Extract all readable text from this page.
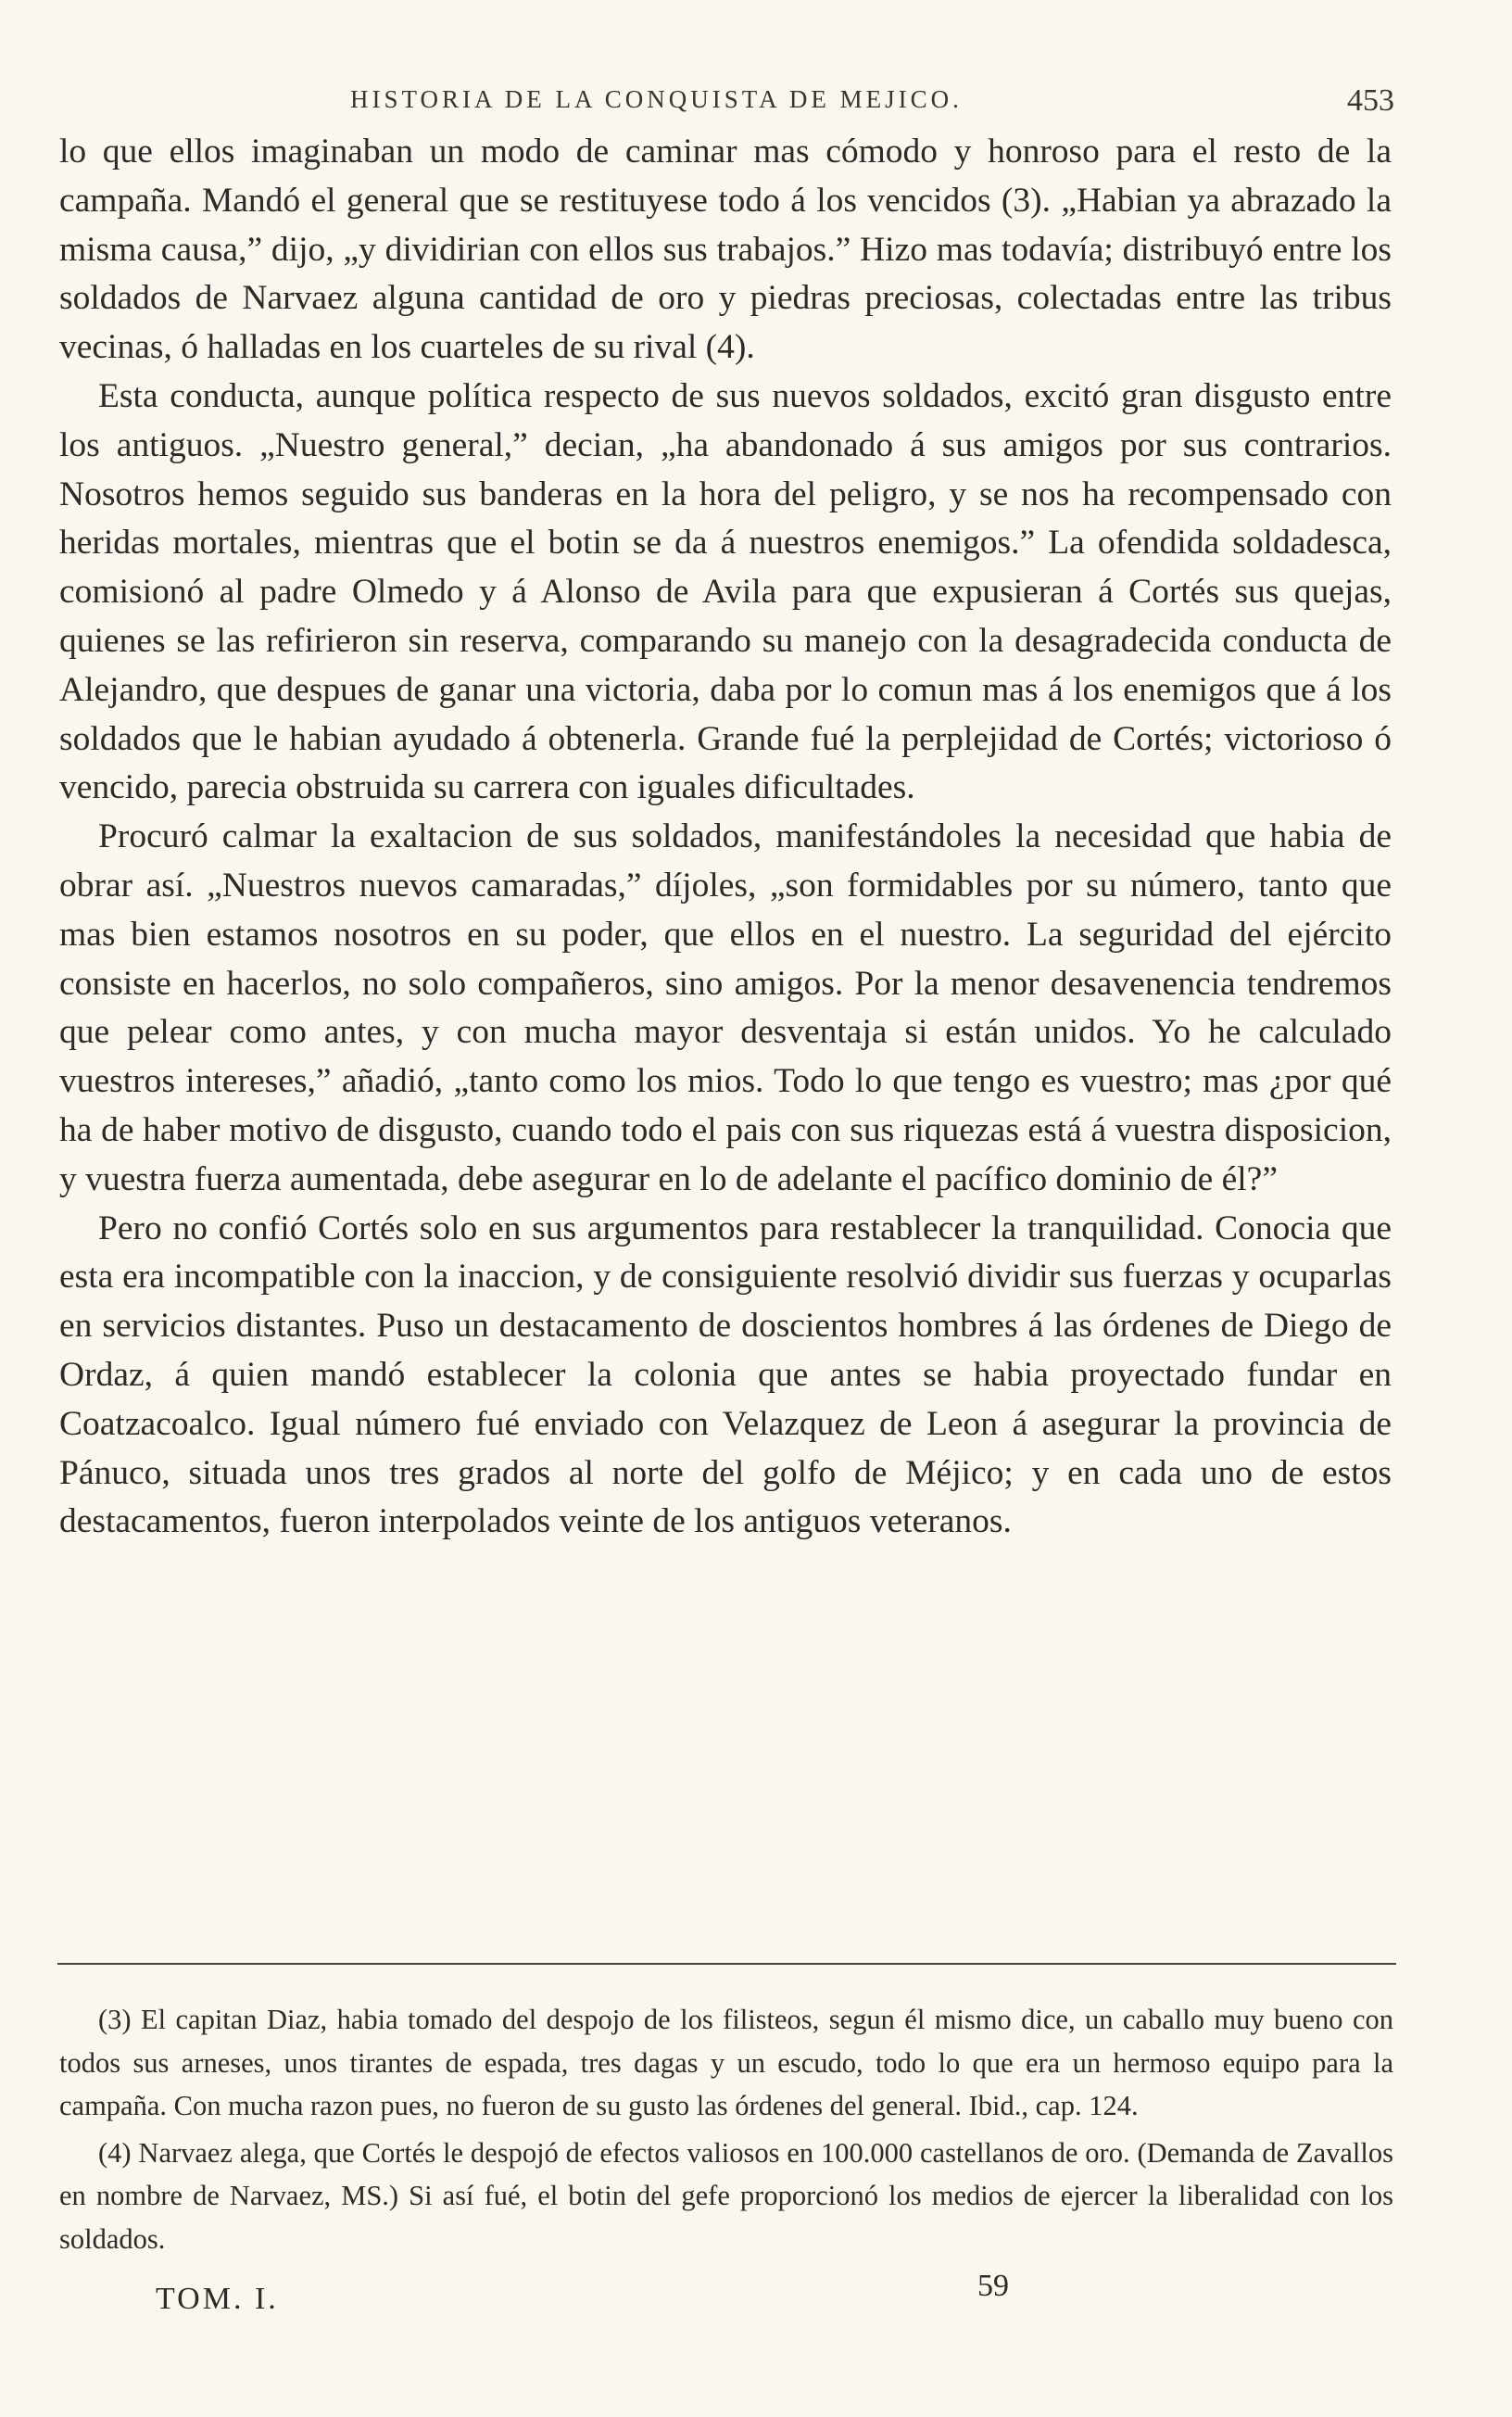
HISTORIA DE LA CONQUISTA DE MEJICO.	453

lo que ellos imaginaban un modo de caminar mas cómodo y honroso para el resto de la campaña. Mandó el general que se restituyese todo á los vencidos (3). „Habian ya abrazado la misma causa,” dijo, „y dividirian con ellos sus trabajos.” Hizo mas todavía; distribuyó entre los soldados de Narvaez alguna cantidad de oro y piedras preciosas, colectadas entre las tribus vecinas, ó halladas en los cuarteles de su rival (4).

Esta conducta, aunque política respecto de sus nuevos soldados, excitó gran disgusto entre los antiguos. „Nuestro general,” decian, „ha abandonado á sus amigos por sus contrarios. Nosotros hemos seguido sus banderas en la hora del peligro, y se nos ha recompensado con heridas mortales, mientras que el botin se da á nuestros enemigos.” La ofendida soldadesca, comisionó al padre Olmedo y á Alonso de Avila para que expusieran á Cortés sus quejas, quienes se las refirieron sin reserva, comparando su manejo con la desagradecida conducta de Alejandro, que despues de ganar una victoria, daba por lo comun mas á los enemigos que á los soldados que le habian ayudado á obtenerla. Grande fué la perplejidad de Cortés; victorioso ó vencido, parecia obstruida su carrera con iguales dificultades.

Procuró calmar la exaltacion de sus soldados, manifestándoles la necesidad que habia de obrar así. „Nuestros nuevos camaradas,” díjoles, „son formidables por su número, tanto que mas bien estamos nosotros en su poder, que ellos en el nuestro. La seguridad del ejército consiste en hacerlos, no solo compañeros, sino amigos. Por la menor desavenencia tendremos que pelear como antes, y con mucha mayor desventaja si están unidos. Yo he calculado vuestros intereses,” añadió, „tanto como los mios. Todo lo que tengo es vuestro; mas ¿por qué ha de haber motivo de disgusto, cuando todo el pais con sus riquezas está á vuestra disposicion, y vuestra fuerza aumentada, debe asegurar en lo de adelante el pacífico dominio de él?”

Pero no confió Cortés solo en sus argumentos para restablecer la tranquilidad. Conocia que esta era incompatible con la inaccion, y de consiguiente resolvió dividir sus fuerzas y ocuparlas en servicios distantes. Puso un destacamento de doscientos hombres á las órdenes de Diego de Ordaz, á quien mandó establecer la colonia que antes se habia proyectado fundar en Coatzacoalco. Igual número fué enviado con Velazquez de Leon á asegurar la provincia de Pánuco, situada unos tres grados al norte del golfo de Méjico; y en cada uno de estos destacamentos, fueron interpolados veinte de los antiguos veteranos.

(3) El capitan Diaz, habia tomado del despojo de los filisteos, segun él mismo dice, un caballo muy bueno con todos sus arneses, unos tirantes de espada, tres dagas y un escudo, todo lo que era un hermoso equipo para la campaña. Con mucha razon pues, no fueron de su gusto las órdenes del general. Ibid., cap. 124.

(4) Narvaez alega, que Cortés le despojó de efectos valiosos en 100.000 castellanos de oro. (Demanda de Zavallos en nombre de Narvaez, MS.) Si así fué, el botin del gefe proporcionó los medios de ejercer la liberalidad con los soldados.

TOM. I.	59
